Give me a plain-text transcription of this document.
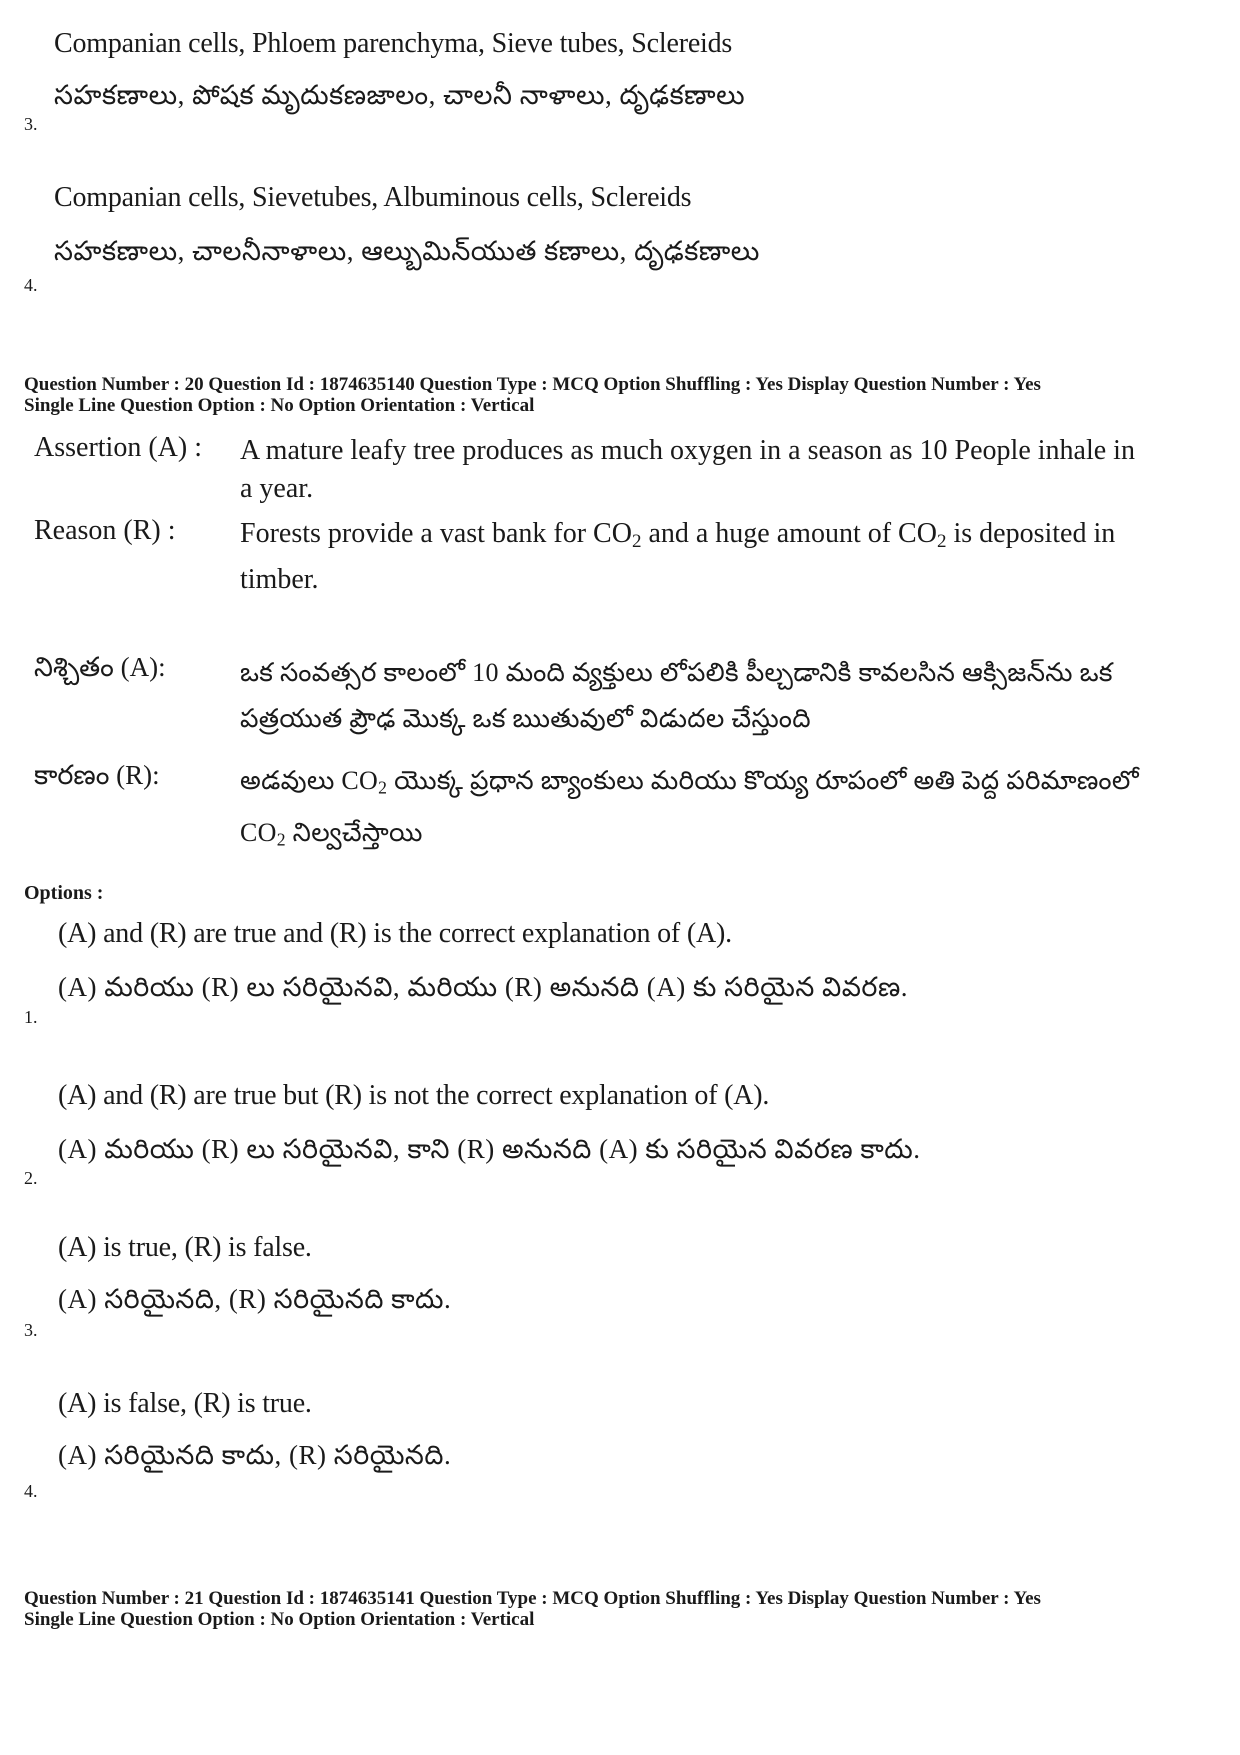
Companian cells, Phloem parenchyma, Sieve tubes, Sclereids
సహకణాలు, పోషక మృదుకణజాలం, చాలనీ నాళాలు, దృఢకణాలు
3.
Companian cells, Sievetubes, Albuminous cells, Sclereids
సహకణాలు, చాలనీనాళాలు, ఆల్బుమిన్‌యుత కణాలు, దృఢకణాలు
4.
Question Number : 20 Question Id : 1874635140 Question Type : MCQ Option Shuffling : Yes Display Question Number : Yes
Single Line Question Option : No Option Orientation : Vertical
Assertion (A) : A mature leafy tree produces as much oxygen in a season as 10 People inhale in a year.
Reason (R) : Forests provide a vast bank for $CO_2$ and a huge amount of $CO_2$ is deposited in timber.
నిశ్చితం (A):	ఒక సంవత్సర కాలంలో 10 మంది వ్యక్తులు లోపలికి పీల్చడానికి కావలసిన ఆక్సిజన్‌ను ఒక పత్రయుత ప్రౌఢ మొక్క ఒక ఋతువులో విడుదల చేస్తుంది
కారణం (R):	అడవులు $CO_2$ యొక్క ప్రధాన బ్యాంకులు మరియు కొయ్య రూపంలో అతి పెద్ద పరిమాణంలో $CO_2$ నిల్వచేస్తాయి
Options :
(A) and (R) are true and (R) is the correct explanation of (A).
(A) మరియు (R) లు సరియైనవి, మరియు (R) అనునది (A) కు సరియైన వివరణ.
1.
(A) and (R) are true but (R) is not the correct explanation of (A).
(A) మరియు (R) లు సరియైనవి, కాని (R) అనునది (A) కు సరియైన వివరణ కాదు.
2.
(A) is true, (R) is false.
(A) సరియైనది, (R) సరియైనది కాదు.
3.
(A) is false, (R) is true.
(A) సరియైనది కాదు, (R) సరియైనది.
4.
Question Number : 21 Question Id : 1874635141 Question Type : MCQ Option Shuffling : Yes Display Question Number : Yes
Single Line Question Option : No Option Orientation : Vertical
